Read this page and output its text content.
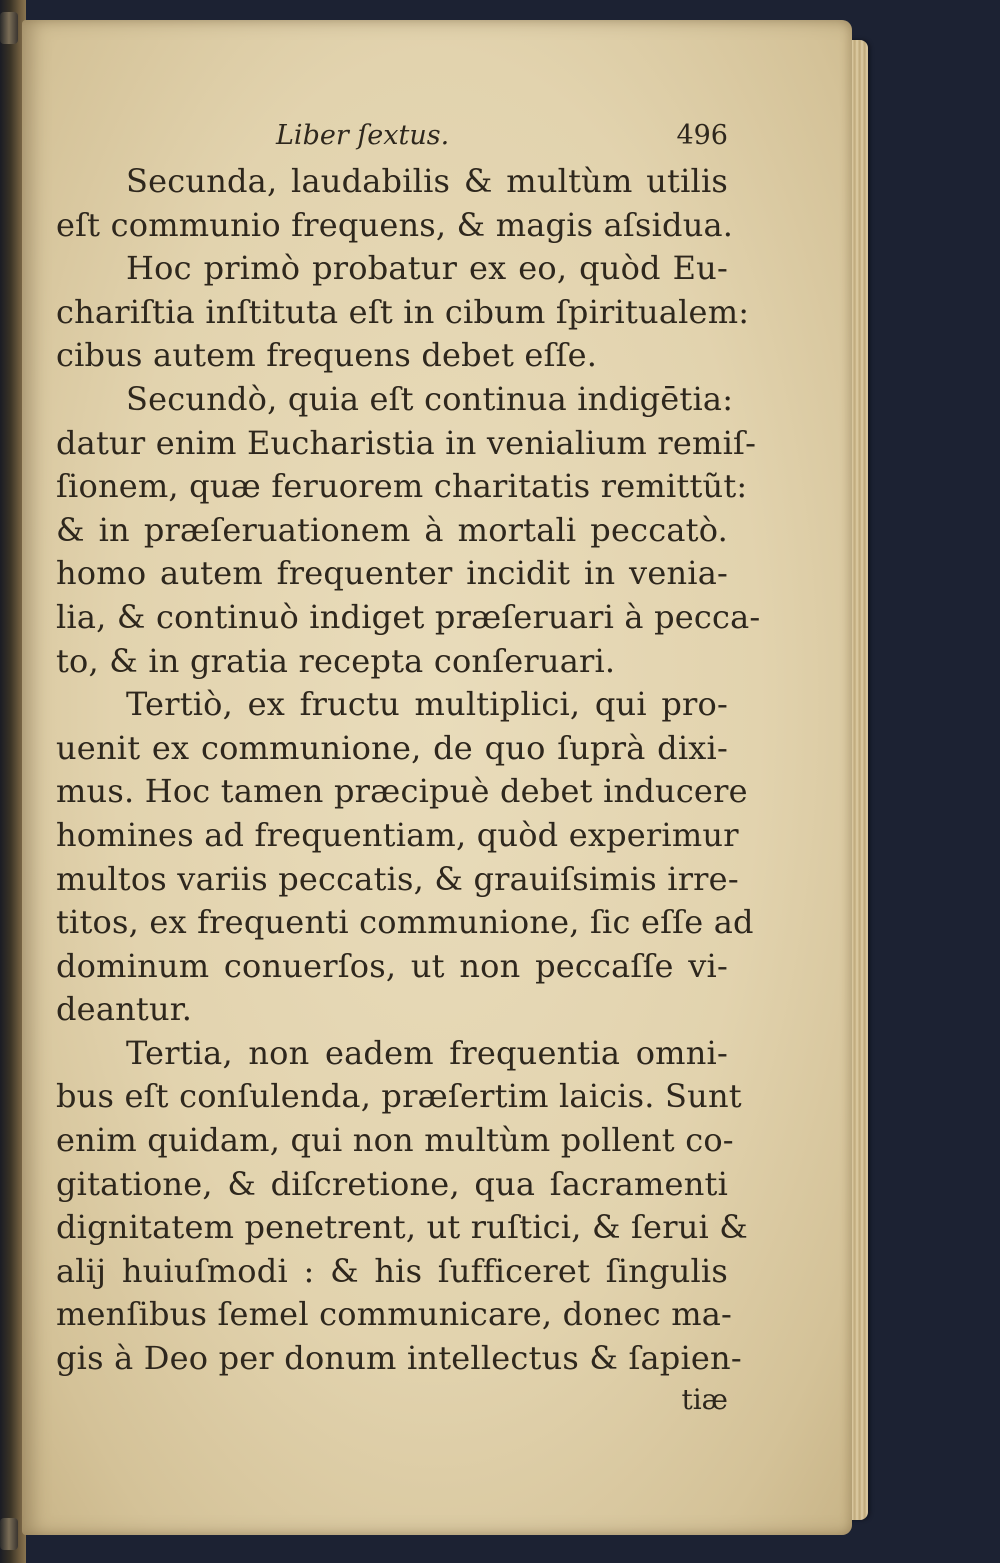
Liber ſextus.	496
Secunda, laudabilis & multùm utilis
eſt communio frequens, & magis aſsidua.
Hoc primò probatur ex eo, quòd Eu-
chariſtia inſtituta eſt in cibum ſpiritualem:
cibus autem frequens debet eſſe.
Secundò, quia eſt continua indigētia:
datur enim Eucharistia in venialium remiſ-
ſionem, quæ feruorem charitatis remittũt:
& in præſeruationem à mortali peccatò.
homo autem frequenter incidit in venia-
lia, & continuò indiget præſeruari à pecca-
to, & in gratia recepta conſeruari.
Tertiò, ex fructu multiplici, qui pro-
uenit ex communione, de quo ſuprà dixi-
mus. Hoc tamen præcipuè debet inducere
homines ad frequentiam, quòd experimur
multos variis peccatis, & grauiſsimis irre-
titos, ex frequenti communione, ſic eſſe ad
dominum conuerſos, ut non peccaſſe vi-
deantur.
Tertia, non eadem frequentia omni-
bus eſt conſulenda, præſertim laicis. Sunt
enim quidam, qui non multùm pollent co-
gitatione, & diſcretione, qua ſacramenti
dignitatem penetrent, ut ruſtici, & ſerui &
alij huiuſmodi : & his ſufficeret ſingulis
menſibus ſemel communicare, donec ma-
gis à Deo per donum intellectus & ſapien-
tiæ
